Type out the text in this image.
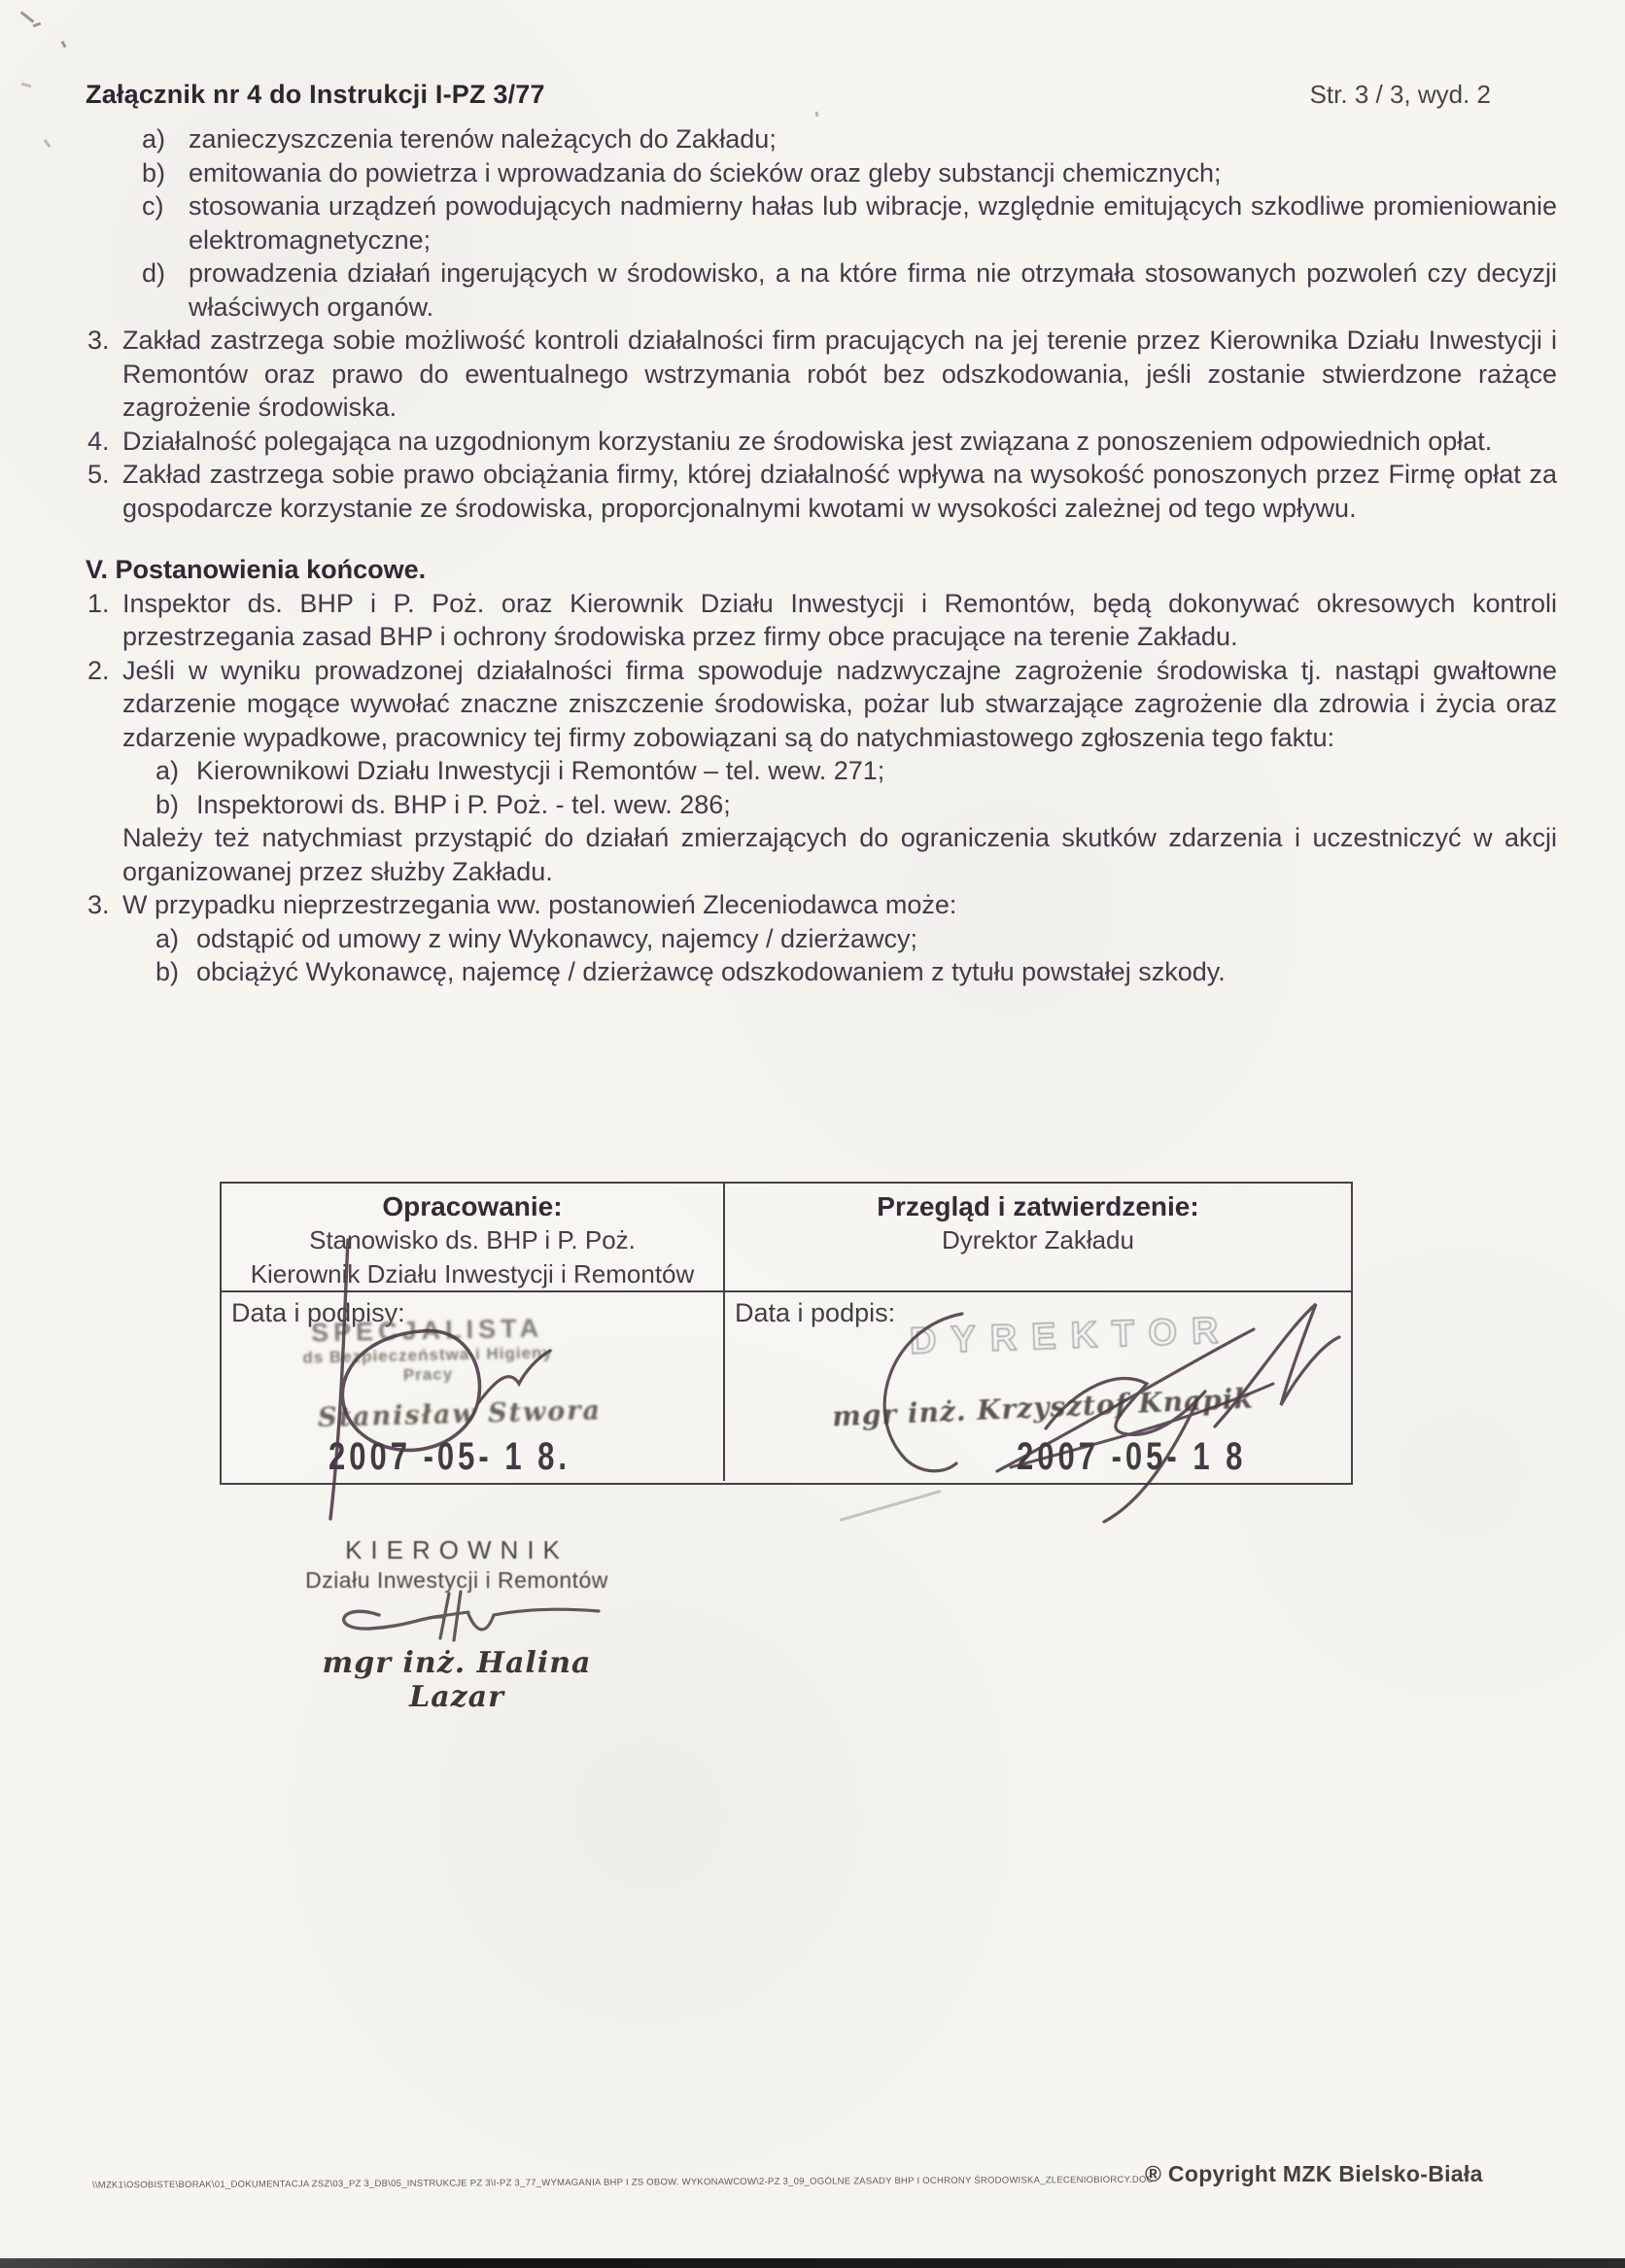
Załącznik nr 4 do Instrukcji I-PZ 3/77	Str. 3 / 3, wyd. 2
a) zanieczyszczenia terenów należących do Zakładu;
b) emitowania do powietrza i wprowadzania do ścieków oraz gleby substancji chemicznych;
c) stosowania urządzeń powodujących nadmierny hałas lub wibracje, względnie emitujących szkodliwe promieniowanie elektromagnetyczne;
d) prowadzenia działań ingerujących w środowisko, a na które firma nie otrzymała stosowanych pozwoleń czy decyzji właściwych organów.
3. Zakład zastrzega sobie możliwość kontroli działalności firm pracujących na jej terenie przez Kierownika Działu Inwestycji i Remontów oraz prawo do ewentualnego wstrzymania robót bez odszkodowania, jeśli zostanie stwierdzone rażące zagrożenie środowiska.
4. Działalność polegająca na uzgodnionym korzystaniu ze środowiska jest związana z ponoszeniem odpowiednich opłat.
5. Zakład zastrzega sobie prawo obciążania firmy, której działalność wpływa na wysokość ponoszonych przez Firmę opłat za gospodarcze korzystanie ze środowiska, proporcjonalnymi kwotami w wysokości zależnej od tego wpływu.
V. Postanowienia końcowe.
1. Inspektor ds. BHP i P. Poż. oraz Kierownik Działu Inwestycji i Remontów, będą dokonywać okresowych kontroli przestrzegania zasad BHP i ochrony środowiska przez firmy obce pracujące na terenie Zakładu.
2. Jeśli w wyniku prowadzonej działalności firma spowoduje nadzwyczajne zagrożenie środowiska tj. nastąpi gwałtowne zdarzenie mogące wywołać znaczne zniszczenie środowiska, pożar lub stwarzające zagrożenie dla zdrowia i życia oraz zdarzenie wypadkowe, pracownicy tej firmy zobowiązani są do natychmiastowego zgłoszenia tego faktu:
a) Kierownikowi Działu Inwestycji i Remontów – tel. wew. 271;
b) Inspektorowi ds. BHP i P. Poż. - tel. wew. 286;
Należy też natychmiast przystąpić do działań zmierzających do ograniczenia skutków zdarzenia i uczestniczyć w akcji organizowanej przez służby Zakładu.
3. W przypadku nieprzestrzegania ww. postanowień Zleceniodawca może:
a) odstąpić od umowy z winy Wykonawcy, najemcy / dzierżawcy;
b) obciążyć Wykonawcę, najemcę / dzierżawcę odszkodowaniem z tytułu powstałej szkody.
Opracowanie:
Stanowisko ds. BHP i P. Poż.
Kierownik Działu Inwestycji i Remontów
Przegląd i zatwierdzenie:
Dyrektor Zakładu
Data i podpisy:
SPECJALISTA
ds Bezpieczeństwa i Higieny Pracy
Stanisław Stwora
2007 -05- 1 8.
Data i podpis: DYREKTOR
mgr inż. Krzysztof Knapik
2007 -05- 1 8
KIEROWNIK
Działu Inwestycji i Remontów
mgr inż. Halina Lazar
\\MZK1\OSOBISTE\BORAK\01_DOKUMENTACJA ZSZ\03_PZ 3_DB\05_INSTRUKCJE PZ 3\I-PZ 3_77_WYMAGANIA BHP I ZS OBOW. WYKONAWCOW\2-PZ 3_09_OGÓLNE ZASADY BHP I OCHRONY ŚRODOWISKA_ZLECENIOBIORCY.DOC
® Copyright MZK Bielsko-Biała
